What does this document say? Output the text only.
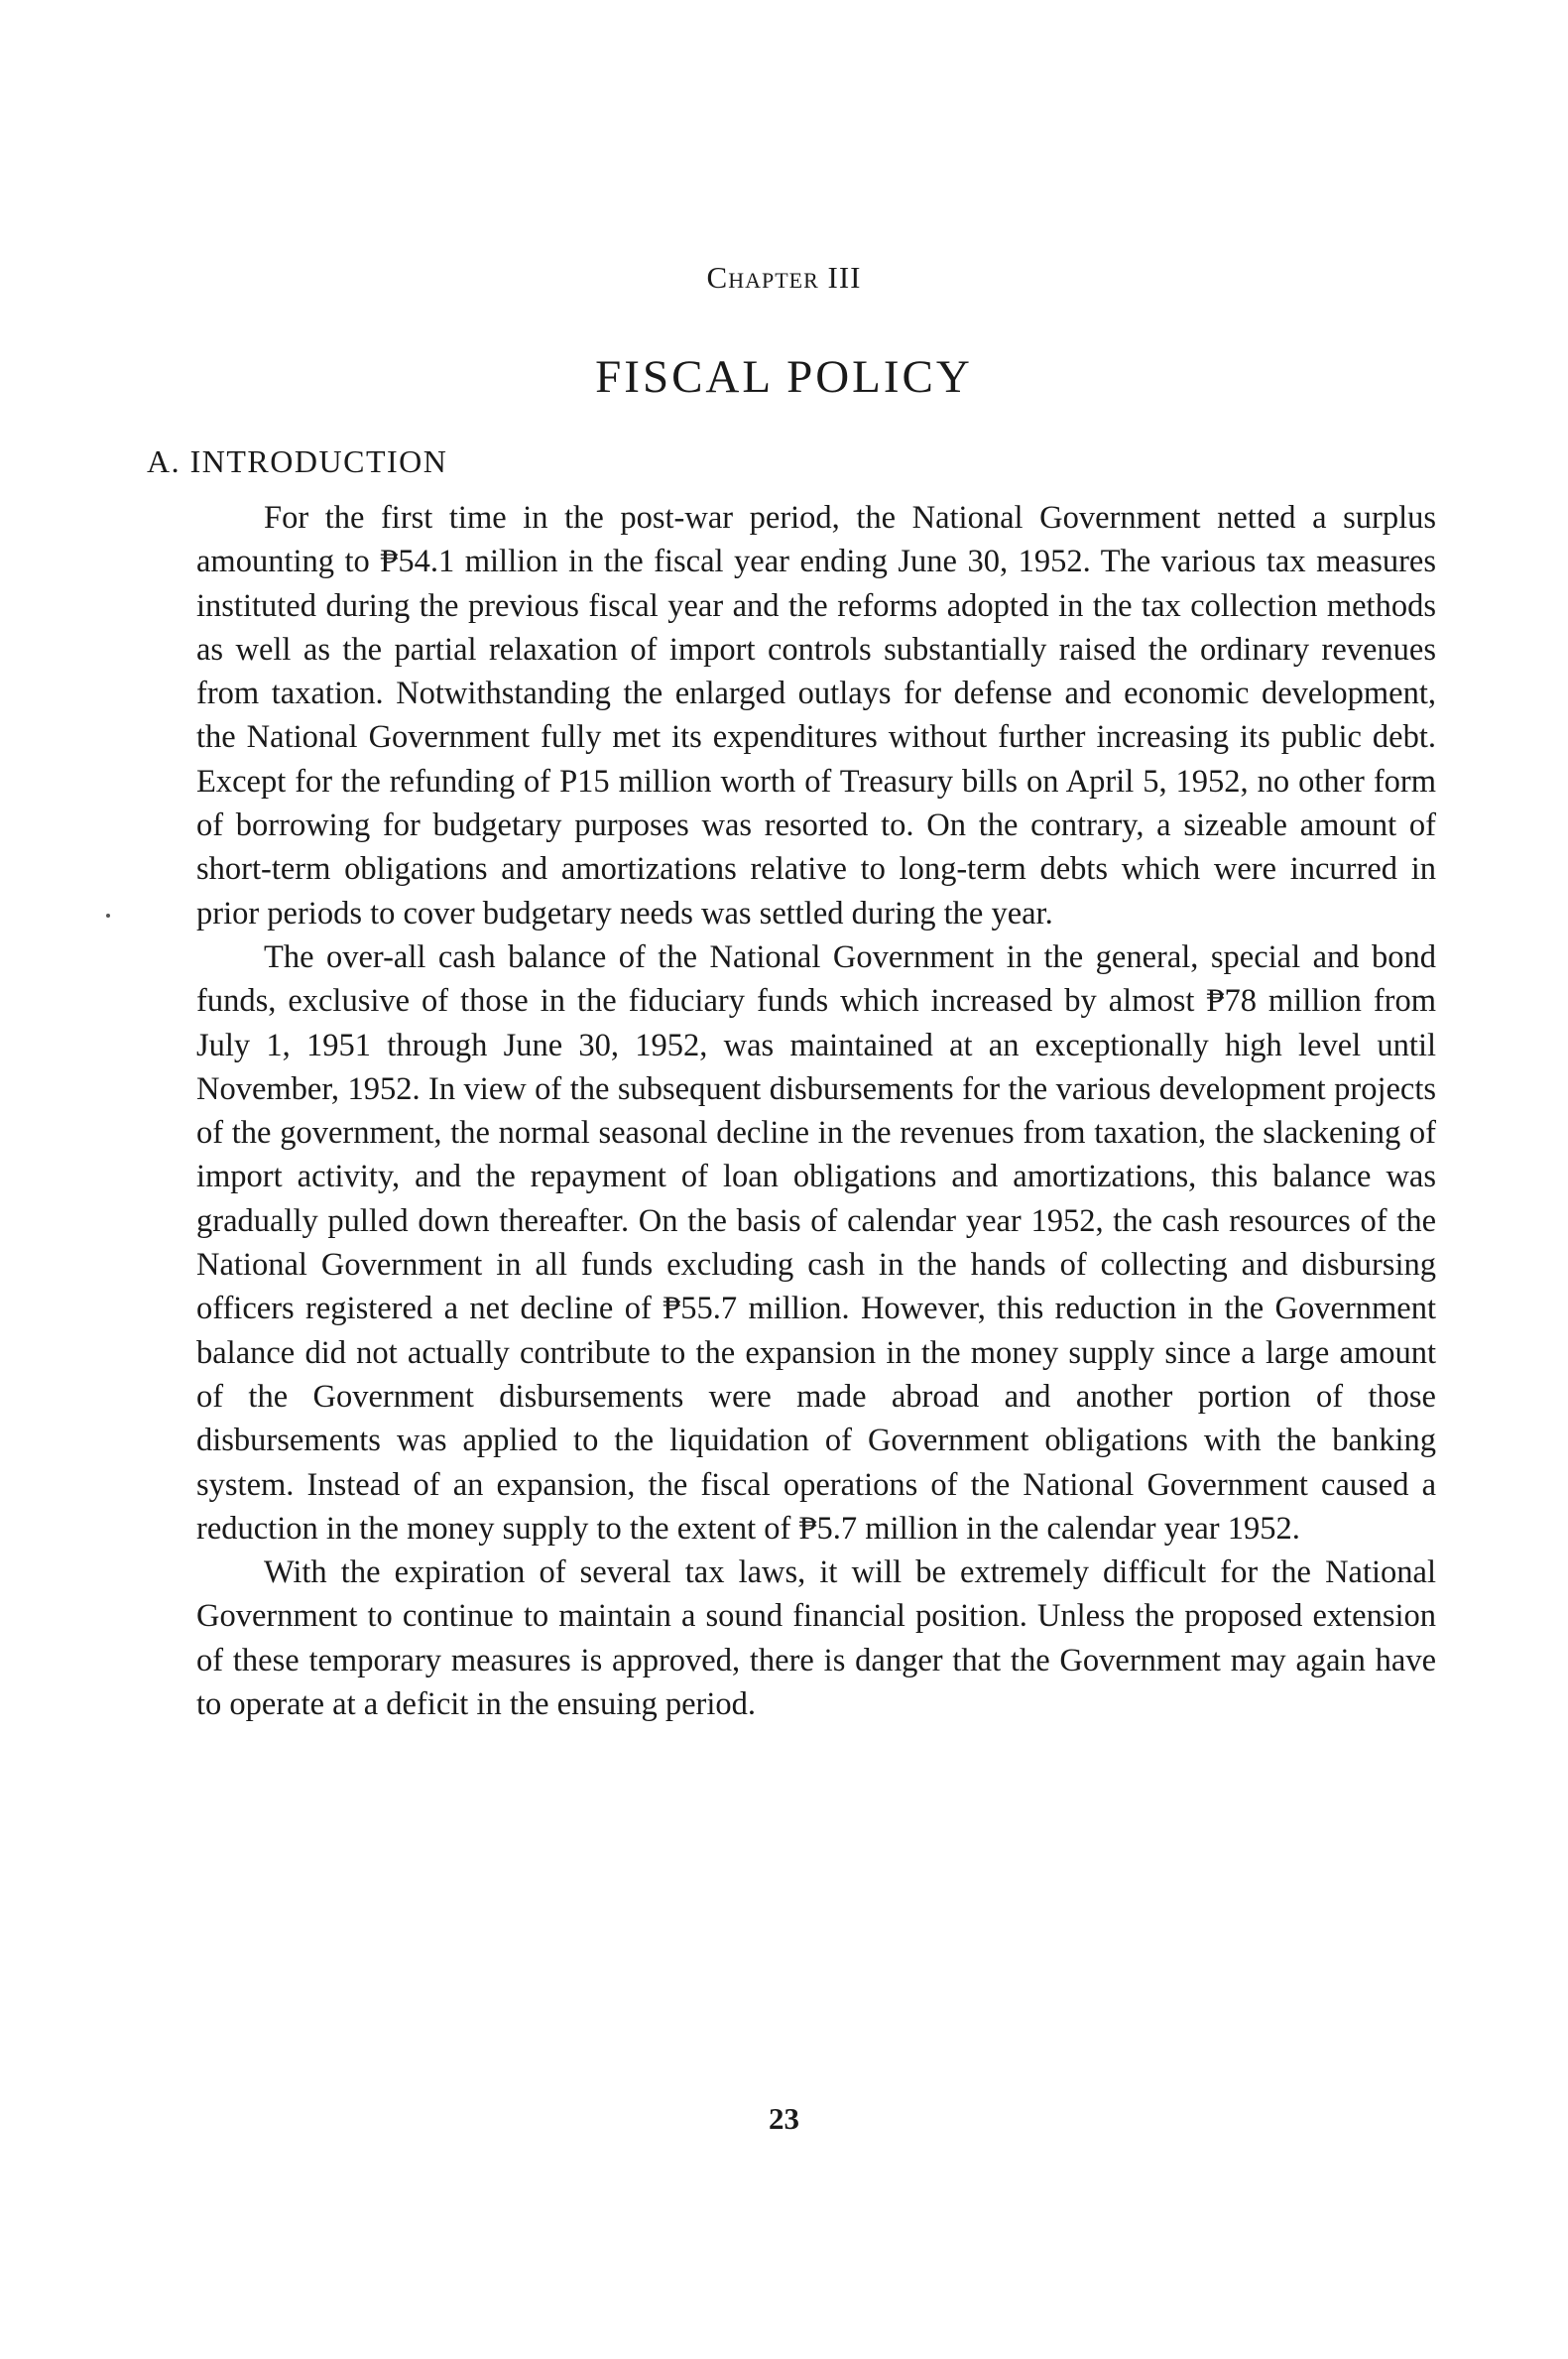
Chapter III
FISCAL POLICY
A. INTRODUCTION

For the first time in the post-war period, the National Government netted a surplus amounting to ₱54.1 million in the fiscal year ending June 30, 1952. The various tax measures instituted during the previous fiscal year and the reforms adopted in the tax collection methods as well as the partial relaxation of import controls substantially raised the ordinary revenues from taxation. Notwithstanding the enlarged outlays for defense and economic development, the National Government fully met its expenditures without further increasing its public debt. Except for the refunding of P15 million worth of Treasury bills on April 5, 1952, no other form of borrowing for budgetary purposes was resorted to. On the contrary, a sizeable amount of short-term obligations and amortizations relative to long-term debts which were incurred in prior periods to cover budgetary needs was settled during the year.

The over-all cash balance of the National Government in the general, special and bond funds, exclusive of those in the fiduciary funds which increased by almost ₱78 million from July 1, 1951 through June 30, 1952, was maintained at an exceptionally high level until November, 1952. In view of the subsequent disbursements for the various development projects of the government, the normal seasonal decline in the revenues from taxation, the slackening of import activity, and the repayment of loan obligations and amortizations, this balance was gradually pulled down thereafter. On the basis of calendar year 1952, the cash resources of the National Government in all funds excluding cash in the hands of collecting and disbursing officers registered a net decline of ₱55.7 million. However, this reduction in the Government balance did not actually contribute to the expansion in the money supply since a large amount of the Government disbursements were made abroad and another portion of those disbursements was applied to the liquidation of Government obligations with the banking system. Instead of an expansion, the fiscal operations of the National Government caused a reduction in the money supply to the extent of ₱5.7 million in the calendar year 1952.

With the expiration of several tax laws, it will be extremely difficult for the National Government to continue to maintain a sound financial position. Unless the proposed extension of these temporary measures is approved, there is danger that the Government may again have to operate at a deficit in the ensuing period.

23
